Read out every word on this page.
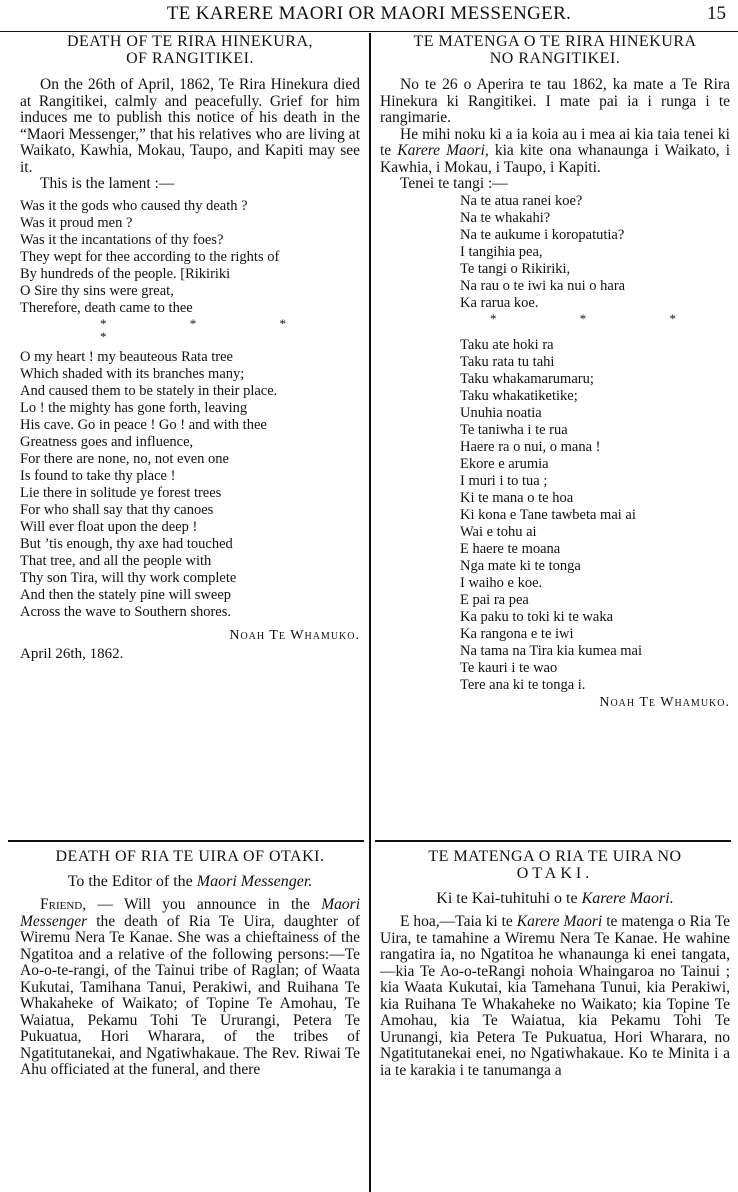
TE KARERE MAORI OR MAORI MESSENGER.	15
DEATH OF TE RIRA HINEKURA,
OF RANGITIKEI.

On the 26th of April, 1862, Te Rira Hinekura died at Rangitikei, calmly and peacefully. Grief for him induces me to publish this notice of his death in the “Maori Messenger,” that his relatives who are living at Waikato, Kawhia, Mokau, Taupo, and Kapiti may see it.

This is the lament :—

Was it the gods who caused thy death ?
Was it proud men ?
Was it the incantations of thy foes?
They wept for thee according to the rights of
By hundreds of the people. [Rikiriki
O Sire thy sins were great,
Therefore, death came to thee
* * * *
O my heart ! my beauteous Rata tree
Which shaded with its branches many;
And caused them to be stately in their place.
Lo ! the mighty has gone forth, leaving
His cave. Go in peace ! Go ! and with thee
Greatness goes and influence,
For there are none, no, not even one
Is found to take thy place !
Lie there in solitude ye forest trees
For who shall say that thy canoes
Will ever float upon the deep !
But ’tis enough, thy axe had touched
That tree, and all the people with
Thy son Tira, will thy work complete
And then the stately pine will sweep
Across the wave to Southern shores.
Noah Te Whamuko.
April 26th, 1862.
TE MATENGA O TE RIRA HINEKURA
NO RANGITIKEI.

No te 26 o Aperira te tau 1862, ka mate a Te Rira Hinekura ki Rangitikei. I mate pai ia i runga i te rangimarie.

He mihi noku ki a ia koia au i mea ai kia taia tenei ki te Karere Maori, kia kite ona whanaunga i Waikato, i Kawhia, i Mokau, i Taupo, i Kapiti.

Tenei te tangi :—

Na te atua ranei koe?
Na te whakahi?
Na te aukume i koropatutia?
I tangihia pea,
Te tangi o Rikiriki,
Na rau o te iwi ka nui o hara
Ka rarua koe.
* * *
Taku ate hoki ra
Taku rata tu tahi
Taku whakamarumaru;
Taku whakatiketike;
Unuhia noatia
Te taniwha i te rua
Haere ra o nui, o mana !
Ekore e arumia
I muri i to tua ;
Ki te mana o te hoa
Ki kona e Tane tawbeta mai ai
Wai e tohu ai
E haere te moana
Nga mate ki te tonga
I waiho e koe.
E pai ra pea
Ka paku to toki ki te waka
Ka rangona e te iwi
Na tama na Tira kia kumea mai
Te kauri i te wao
Tere ana ki te tonga i.
Noah Te Whamuko.
DEATH OF RIA TE UIRA OF OTAKI.
To the Editor of the Maori Messenger.

Friend, — Will you announce in the Maori Messenger the death of Ria Te Uira, daughter of Wiremu Nera Te Kanae. She was a chieftainess of the Ngatitoa and a relative of the following persons:—Te Ao-o-te-rangi, of the Tainui tribe of Raglan; of Waata Kukutai, Tamihana Tanui, Perakiwi, and Ruihana Te Whakaheke of Waikato; of Topine Te Amohau, Te Waiatua, Pekamu Tohi Te Ururangi, Petera Te Pukuatua, Hori Wharara, of the tribes of Ngatitutanekai, and Ngatiwhakaue. The Rev. Riwai Te Ahu officiated at the funeral, and there

TE MATENGA O RIA TE UIRA NO
OTAKI.
Ki te Kai-tuhituhi o te Karere Maori.

E hoa,—Taia ki te Karere Maori te matenga o Ria Te Uira, te tamahine a Wiremu Nera Te Kanae. He wahine rangatira ia, no Ngatitoa he whanaunga ki enei tangata,—kia Te Ao-o-teRangi nohoia Whaingaroa no Tainui ; kia Waata Kukutai, kia Tamehana Tunui, kia Perakiwi, kia Ruihana Te Whakaheke no Waikato; kia Topine Te Amohau, kia Te Waiatua, kia Pekamu Tohi Te Urunangi, kia Petera Te Pukuatua, Hori Wharara, no Ngatitutanekai enei, no Ngatiwhakaue. Ko te Minita i a ia te karakia i te tanumanga a
